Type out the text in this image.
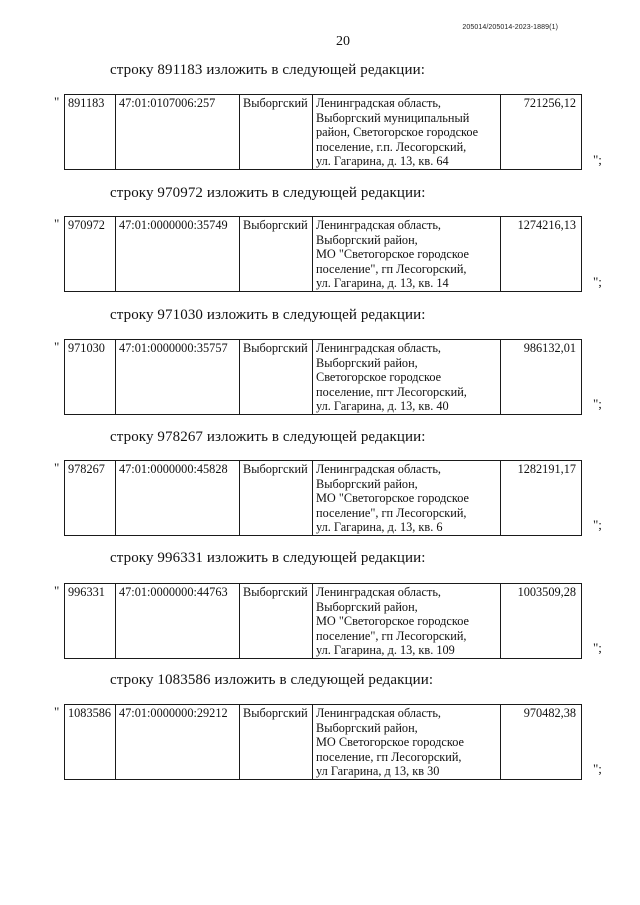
205014/205014-2023-1889(1)
20
строку 891183 изложить в следующей редакции:
" 891183	47:01:0107006:257	Выборгский	Ленинградская область,
Выборгский муниципальный
район, Светогорское городское
поселение, г.п. Лесогорский,
ул. Гагарина, д. 13, кв. 64
	721256,12
";
строку 970972 изложить в следующей редакции:
" 970972	47:01:0000000:35749	Выборгский	Ленинградская область,
Выборгский район,
МО "Светогорское городское
поселение", гп Лесогорский,
ул. Гагарина, д. 13, кв. 14
	1274216,13
";
строку 971030 изложить в следующей редакции:
" 971030	47:01:0000000:35757	Выборгский	Ленинградская область,
Выборгский район,
Светогорское городское
поселение, пгт Лесогорский,
ул. Гагарина, д. 13, кв. 40
	986132,01
";
строку 978267 изложить в следующей редакции:
" 978267	47:01:0000000:45828	Выборгский	Ленинградская область,
Выборгский район,
МО "Светогорское городское
поселение", гп Лесогорский,
ул. Гагарина, д. 13, кв. 6
	1282191,17
";
строку 996331 изложить в следующей редакции:
" 996331	47:01:0000000:44763	Выборгский	Ленинградская область,
Выборгский район,
МО "Светогорское городское
поселение", гп Лесогорский,
ул. Гагарина, д. 13, кв. 109
	1003509,28
";
строку 1083586 изложить в следующей редакции:
" 1083586	47:01:0000000:29212	Выборгский	Ленинградская область,
Выборгский район,
МО Светогорское городское
поселение, гп Лесогорский,
ул Гагарина, д 13, кв 30
	970482,38
";
